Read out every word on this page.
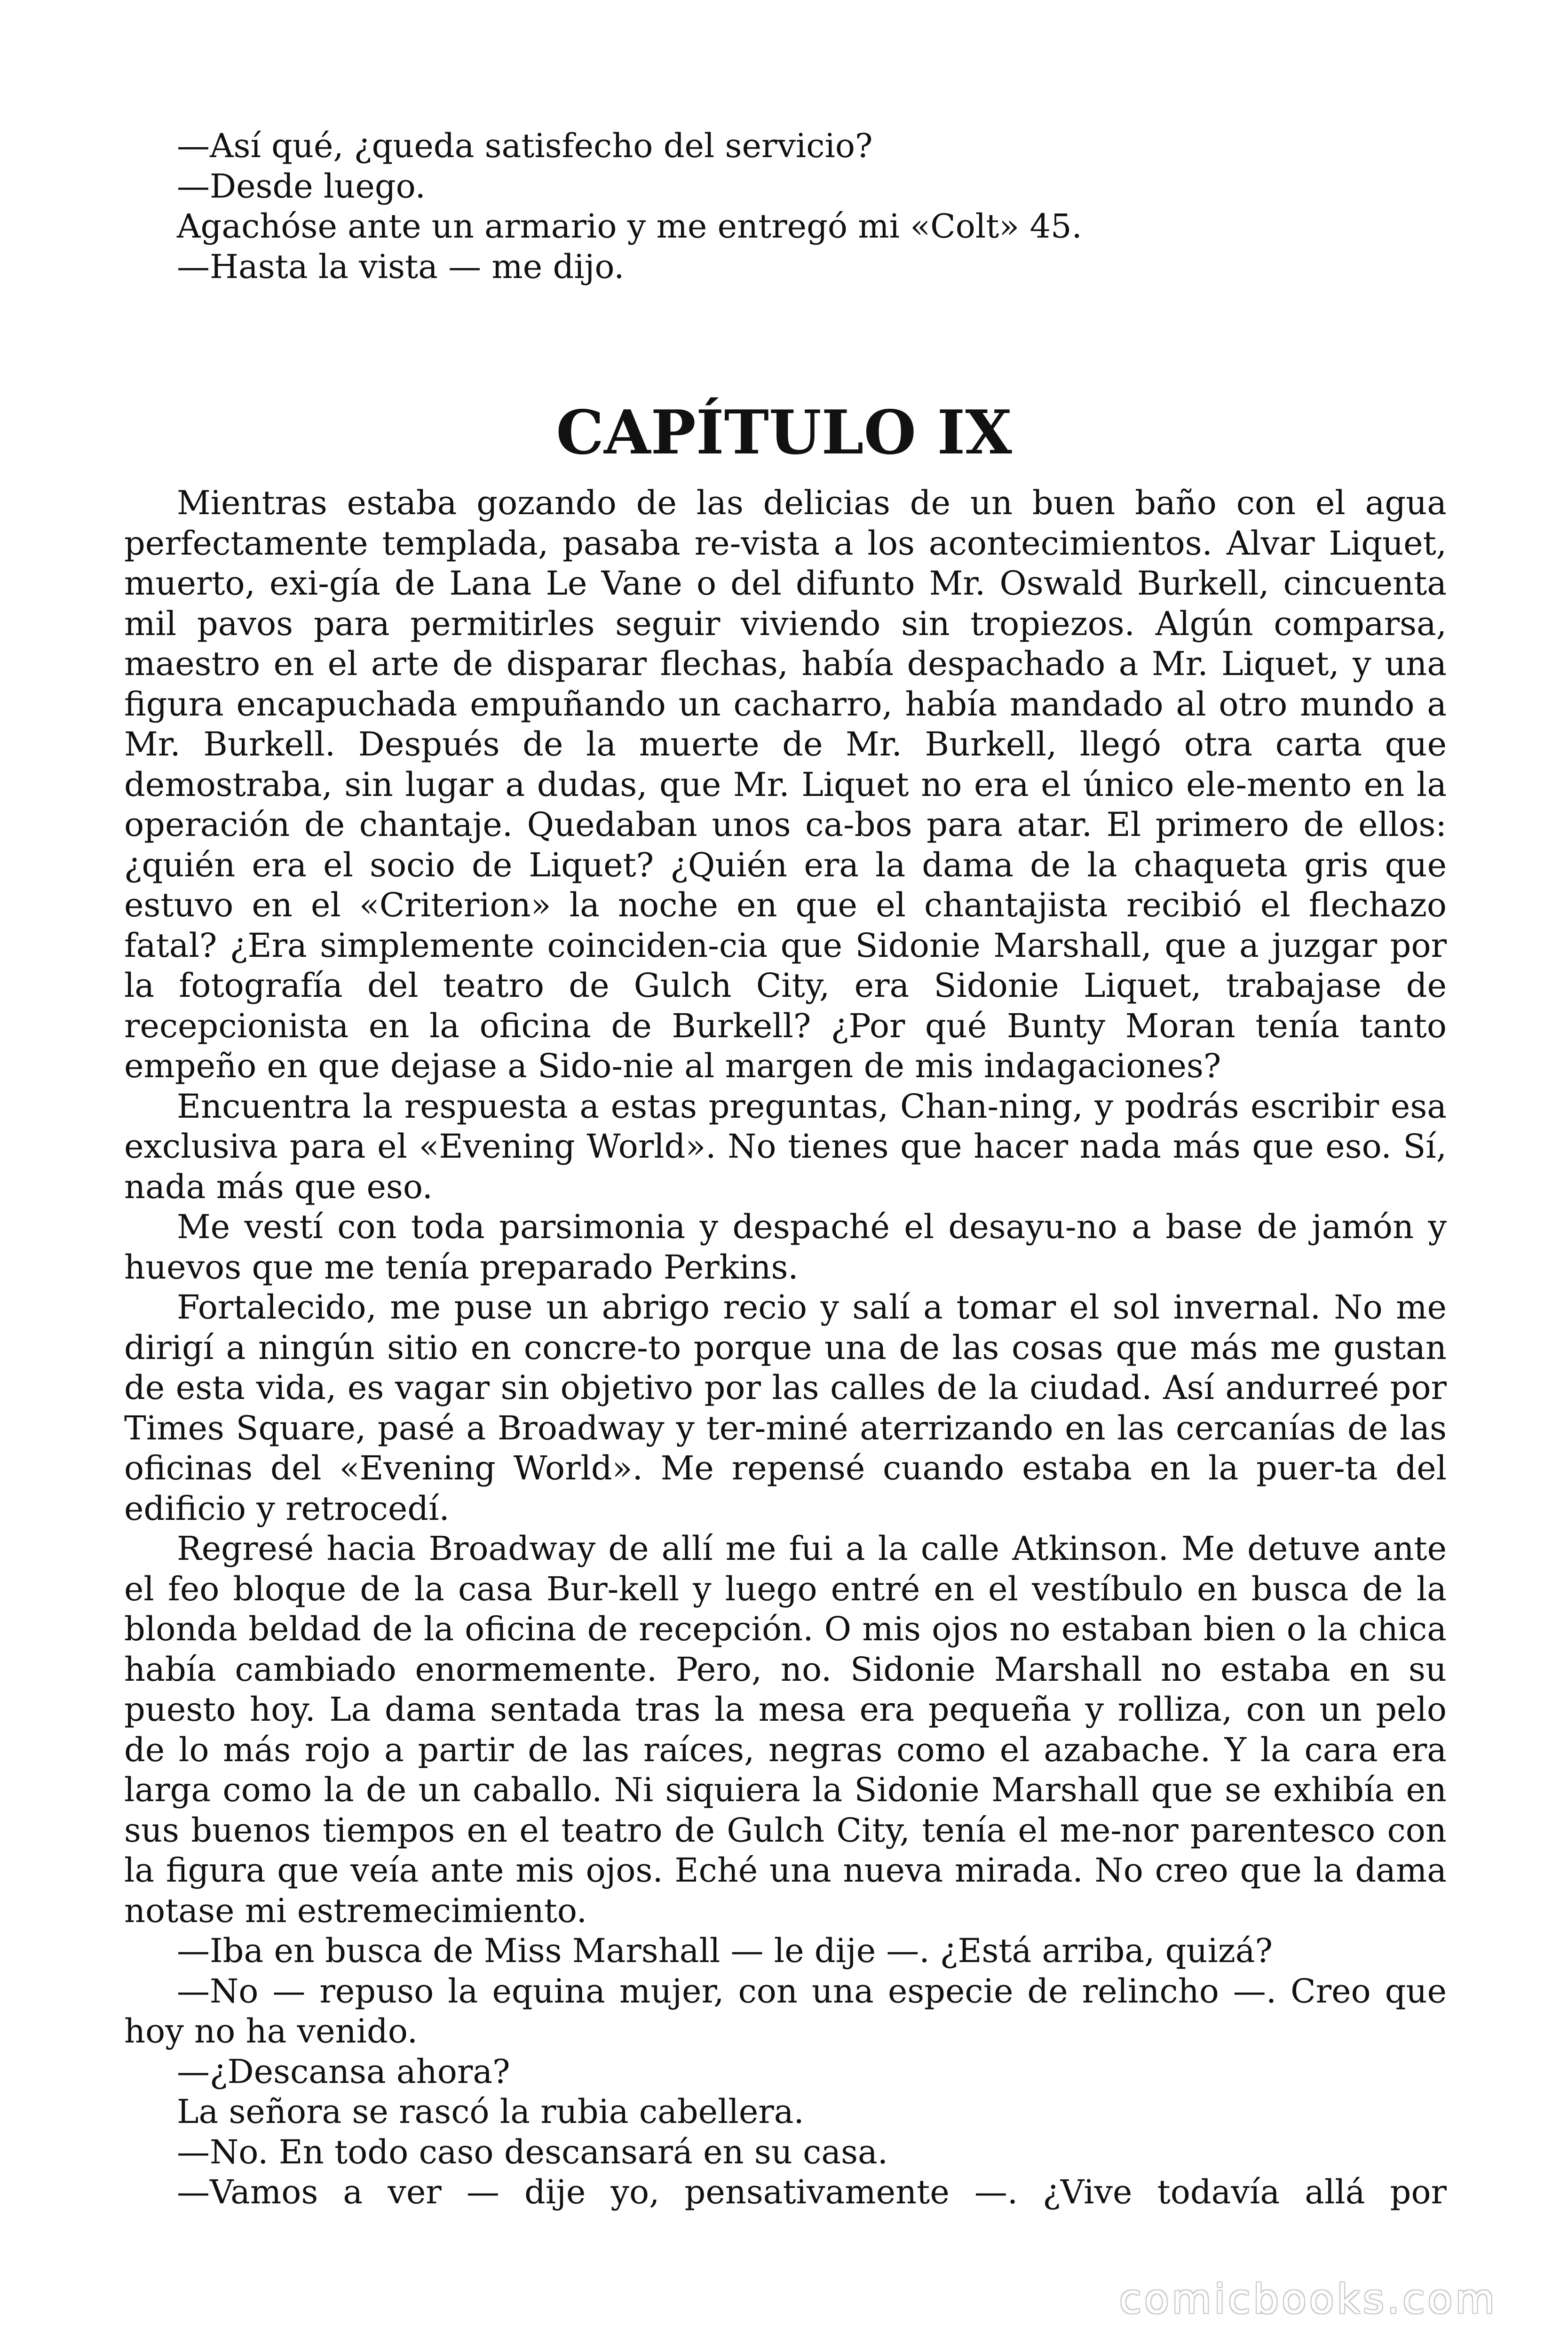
—Así qué, ¿queda satisfecho del servicio?

—Desde luego.

Agachóse ante un armario y me entregó mi «Colt» 45.

—Hasta la vista — me dijo.

CAPÍTULO IX

Mientras estaba gozando de las delicias de un buen baño con el agua perfectamente templada, pasaba re-vista a los acontecimientos. Alvar Liquet, muerto, exi-gía de Lana Le Vane o del difunto Mr. Oswald Burkell, cincuenta mil pavos para permitirles seguir viviendo sin tropiezos. Algún comparsa, maestro en el arte de disparar flechas, había despachado a Mr. Liquet, y una figura encapuchada empuñando un cacharro, había mandado al otro mundo a Mr. Burkell. Después de la muerte de Mr. Burkell, llegó otra carta que demostraba, sin lugar a dudas, que Mr. Liquet no era el único ele-mento en la operación de chantaje. Quedaban unos ca-bos para atar. El primero de ellos: ¿quién era el socio de Liquet? ¿Quién era la dama de la chaqueta gris que estuvo en el «Criterion» la noche en que el chantajista recibió el flechazo fatal? ¿Era simplemente coinciden-cia que Sidonie Marshall, que a juzgar por la fotografía del teatro de Gulch City, era Sidonie Liquet, trabajase de recepcionista en la oficina de Burkell? ¿Por qué Bunty Moran tenía tanto empeño en que dejase a Sido-nie al margen de mis indagaciones?

Encuentra la respuesta a estas preguntas, Chan-ning, y podrás escribir esa exclusiva para el «Evening World». No tienes que hacer nada más que eso. Sí, nada más que eso.

Me vestí con toda parsimonia y despaché el desayu-no a base de jamón y huevos que me tenía preparado Perkins.

Fortalecido, me puse un abrigo recio y salí a tomar el sol invernal. No me dirigí a ningún sitio en concre-to porque una de las cosas que más me gustan de esta vida, es vagar sin objetivo por las calles de la ciudad. Así andurreé por Times Square, pasé a Broadway y ter-miné aterrizando en las cercanías de las oficinas del «Evening World». Me repensé cuando estaba en la puer-ta del edificio y retrocedí.

Regresé hacia Broadway de allí me fui a la calle Atkinson. Me detuve ante el feo bloque de la casa Bur-kell y luego entré en el vestíbulo en busca de la blonda beldad de la oficina de recepción. O mis ojos no estaban bien o la chica había cambiado enormemente. Pero, no. Sidonie Marshall no estaba en su puesto hoy. La dama sentada tras la mesa era pequeña y rolliza, con un pelo de lo más rojo a partir de las raíces, negras como el azabache. Y la cara era larga como la de un caballo. Ni siquiera la Sidonie Marshall que se exhibía en sus buenos tiempos en el teatro de Gulch City, tenía el me-nor parentesco con la figura que veía ante mis ojos. Eché una nueva mirada. No creo que la dama notase mi estremecimiento.

—Iba en busca de Miss Marshall — le dije —. ¿Está arriba, quizá?

—No — repuso la equina mujer, con una especie de relincho —. Creo que hoy no ha venido.

—¿Descansa ahora?

La señora se rascó la rubia cabellera.

—No. En todo caso descansará en su casa.

—Vamos a ver — dije yo, pensativamente —. ¿Vive todavía allá por

comicbooks.com
